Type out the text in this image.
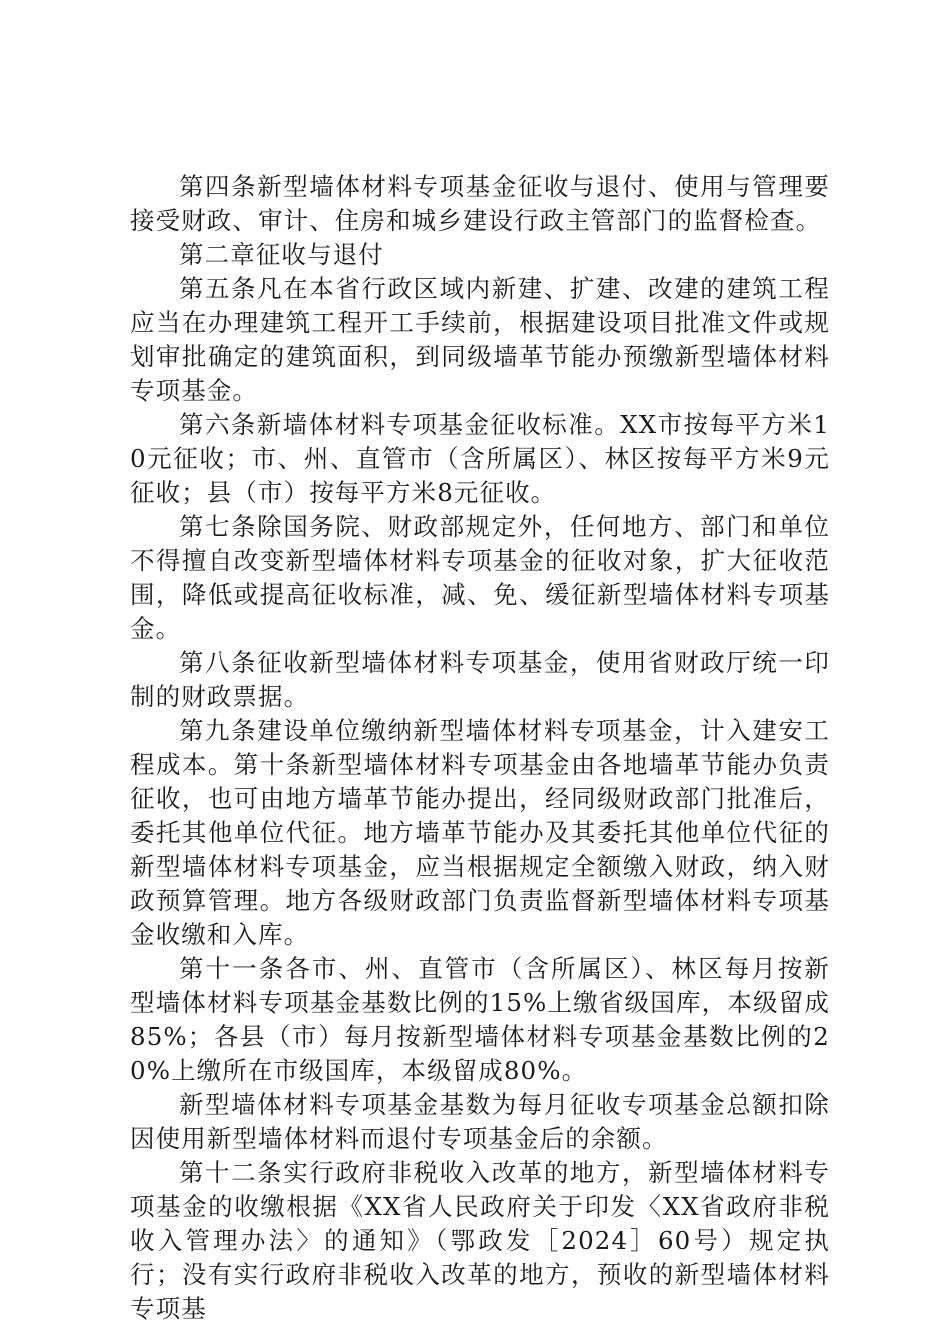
第四条新型墙体材料专项基金征收与退付、使用与管理要接受财政、审计、住房和城乡建设行政主管部门的监督检查。

第二章征收与退付

第五条凡在本省行政区域内新建、扩建、改建的建筑工程应当在办理建筑工程开工手续前，根据建设项目批准文件或规划审批确定的建筑面积，到同级墙革节能办预缴新型墙体材料专项基金。

第六条新墙体材料专项基金征收标准。XX市按每平方米10元征收；市、州、直管市（含所属区）、林区按每平方米9元征收；县（市）按每平方米8元征收。

第七条除国务院、财政部规定外，任何地方、部门和单位不得擅自改变新型墙体材料专项基金的征收对象，扩大征收范围，降低或提高征收标准，减、免、缓征新型墙体材料专项基金。

第八条征收新型墙体材料专项基金，使用省财政厅统一印制的财政票据。

第九条建设单位缴纳新型墙体材料专项基金，计入建安工程成本。第十条新型墙体材料专项基金由各地墙革节能办负责征收，也可由地方墙革节能办提出，经同级财政部门批准后，委托其他单位代征。地方墙革节能办及其委托其他单位代征的新型墙体材料专项基金，应当根据规定全额缴入财政，纳入财政预算管理。地方各级财政部门负责监督新型墙体材料专项基金收缴和入库。

第十一条各市、州、直管市（含所属区）、林区每月按新型墙体材料专项基金基数比例的15%上缴省级国库，本级留成85%；各县（市）每月按新型墙体材料专项基金基数比例的20%上缴所在市级国库，本级留成80%。

新型墙体材料专项基金基数为每月征收专项基金总额扣除因使用新型墙体材料而退付专项基金后的余额。

第十二条实行政府非税收入改革的地方，新型墙体材料专项基金的收缴根据《XX省人民政府关于印发〈XX省政府非税收入管理办法〉的通知》（鄂政发［2024］60号）规定执行；没有实行政府非税收入改革的地方，预收的新型墙体材料专项基
